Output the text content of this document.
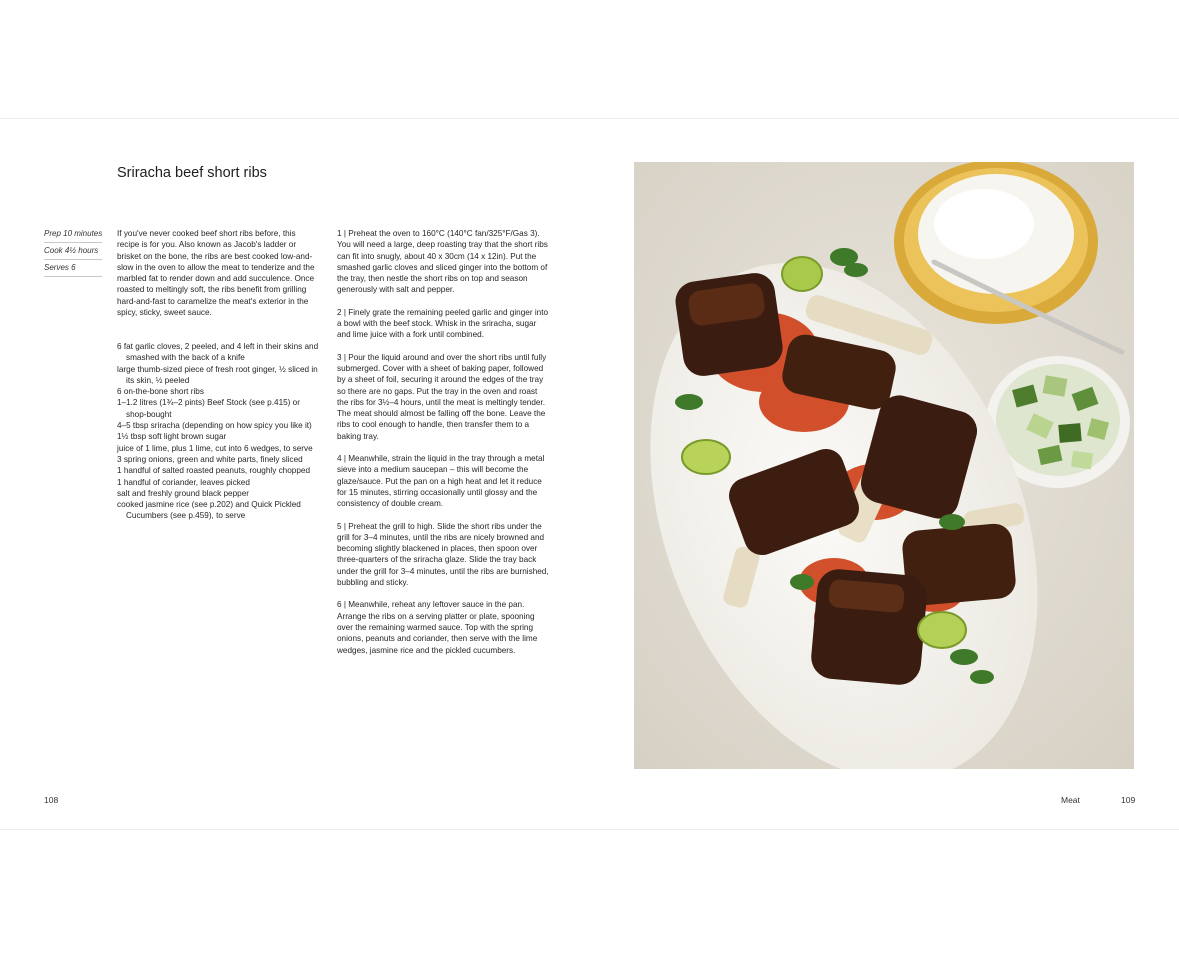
Sriracha beef short ribs
Prep 10 minutes
Cook 4½ hours
Serves 6
If you've never cooked beef short ribs before, this recipe is for you. Also known as Jacob's ladder or brisket on the bone, the ribs are best cooked low-and-slow in the oven to allow the meat to tenderize and the marbled fat to render down and add succulence. Once roasted to meltingly soft, the ribs benefit from grilling hard-and-fast to caramelize the meat's exterior in the spicy, sticky, sweet sauce.
6 fat garlic cloves, 2 peeled, and 4 left in their skins and smashed with the back of a knife
large thumb-sized piece of fresh root ginger, ½ sliced in its skin, ½ peeled
6 on-the-bone short ribs
1–1.2 litres (1¾–2 pints) Beef Stock (see p.415) or shop-bought
4–5 tbsp sriracha (depending on how spicy you like it)
1½ tbsp soft light brown sugar
juice of 1 lime, plus 1 lime, cut into 6 wedges, to serve
3 spring onions, green and white parts, finely sliced
1 handful of salted roasted peanuts, roughly chopped
1 handful of coriander, leaves picked
salt and freshly ground black pepper
cooked jasmine rice (see p.202) and Quick Pickled Cucumbers (see p.459), to serve
1 | Preheat the oven to 160°C (140°C fan/325°F/Gas 3). You will need a large, deep roasting tray that the short ribs can fit into snugly, about 40 x 30cm (14 x 12in). Put the smashed garlic cloves and sliced ginger into the bottom of the tray, then nestle the short ribs on top and season generously with salt and pepper.
2 | Finely grate the remaining peeled garlic and ginger into a bowl with the beef stock. Whisk in the sriracha, sugar and lime juice with a fork until combined.
3 | Pour the liquid around and over the short ribs until fully submerged. Cover with a sheet of baking paper, followed by a sheet of foil, securing it around the edges of the tray so there are no gaps. Put the tray in the oven and roast the ribs for 3½–4 hours, until the meat is meltingly tender. The meat should almost be falling off the bone. Leave the ribs to cool enough to handle, then transfer them to a baking tray.
4 | Meanwhile, strain the liquid in the tray through a metal sieve into a medium saucepan – this will become the glaze/sauce. Put the pan on a high heat and let it reduce for 15 minutes, stirring occasionally until glossy and the consistency of double cream.
5 | Preheat the grill to high. Slide the short ribs under the grill for 3–4 minutes, until the ribs are nicely browned and becoming slightly blackened in places, then spoon over three-quarters of the sriracha glaze. Slide the tray back under the grill for 3–4 minutes, until the ribs are burnished, bubbling and sticky.
6 | Meanwhile, reheat any leftover sauce in the pan. Arrange the ribs on a serving platter or plate, spooning over the remaining warmed sauce. Top with the spring onions, peanuts and coriander, then serve with the lime wedges, jasmine rice and the pickled cucumbers.
108	Meat	109
